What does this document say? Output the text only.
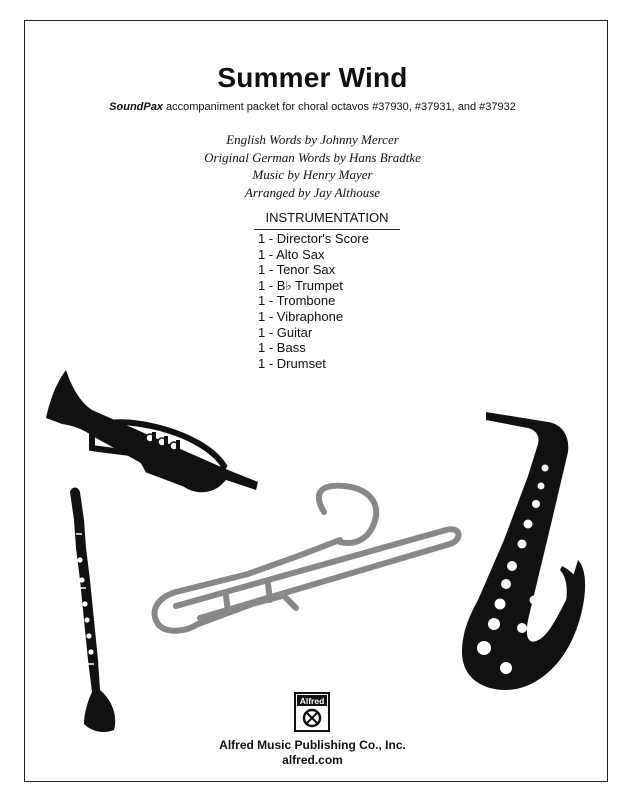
Summer Wind
SoundPax accompaniment packet for choral octavos #37930, #37931, and #37932
English Words by Johnny Mercer
Original German Words by Hans Bradtke
Music by Henry Mayer
Arranged by Jay Althouse
INSTRUMENTATION
1 - Director's Score
1 - Alto Sax
1 - Tenor Sax
1 - B♭ Trumpet
1 - Trombone
1 - Vibraphone
1 - Guitar
1 - Bass
1 - Drumset
Alfred
Alfred Music Publishing Co., Inc.
alfred.com
